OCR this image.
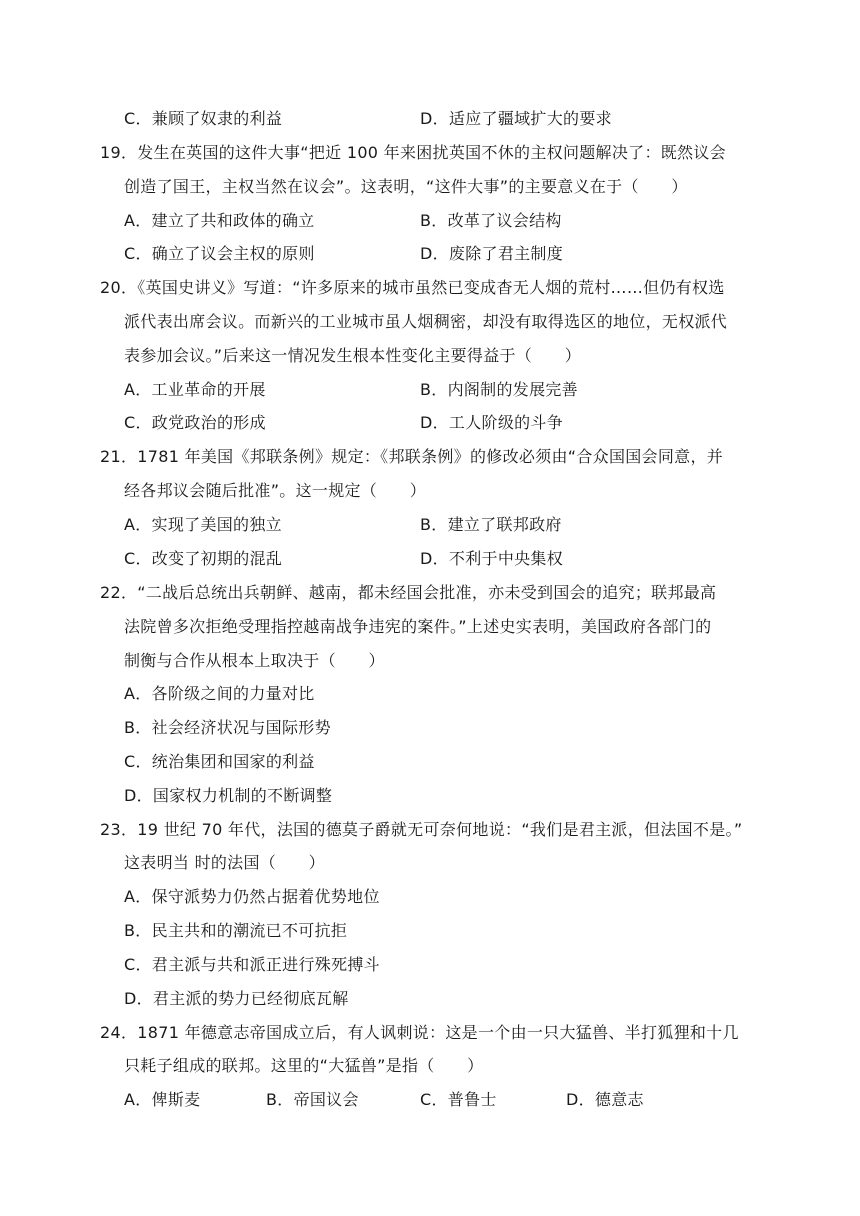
C．兼顾了奴隶的利益	D．适应了疆域扩大的要求
19．发生在英国的这件大事“把近 100 年来困扰英国不休的主权问题解决了：既然议会
创造了国王，主权当然在议会”。这表明，“这件大事”的主要意义在于（　　）
A．建立了共和政体的确立	B．改革了议会结构
C．确立了议会主权的原则	D．废除了君主制度
20．《英国史讲义》写道：“许多原来的城市虽然已变成杳无人烟的荒村……但仍有权选
派代表出席会议。而新兴的工业城市虽人烟稠密，却没有取得选区的地位，无权派代
表参加会议。”后来这一情况发生根本性变化主要得益于（　　）
A．工业革命的开展	B．内阁制的发展完善
C．政党政治的形成	D．工人阶级的斗争
21．1781 年美国《邦联条例》规定：《邦联条例》的修改必须由“合众国国会同意，并
经各邦议会随后批准”。这一规定（　　）
A．实现了美国的独立	B．建立了联邦政府
C．改变了初期的混乱	D．不利于中央集权
22．“二战后总统出兵朝鲜、越南，都未经国会批准，亦未受到国会的追究；联邦最高
法院曾多次拒绝受理指控越南战争违宪的案件。”上述史实表明，美国政府各部门的
制衡与合作从根本上取决于（　　）
A．各阶级之间的力量对比
B．社会经济状况与国际形势
C．统治集团和国家的利益
D．国家权力机制的不断调整
23．19 世纪 70 年代，法国的德莫子爵就无可奈何地说：“我们是君主派，但法国不是。”
这表明当 时的法国（　　）
A．保守派势力仍然占据着优势地位
B．民主共和的潮流已不可抗拒
C．君主派与共和派正进行殊死搏斗
D．君主派的势力已经彻底瓦解
24．1871 年德意志帝国成立后，有人讽刺说：这是一个由一只大猛兽、半打狐狸和十几
只耗子组成的联邦。这里的“大猛兽”是指（　　）
A．俾斯麦	B．帝国议会	C．普鲁士	D．德意志
